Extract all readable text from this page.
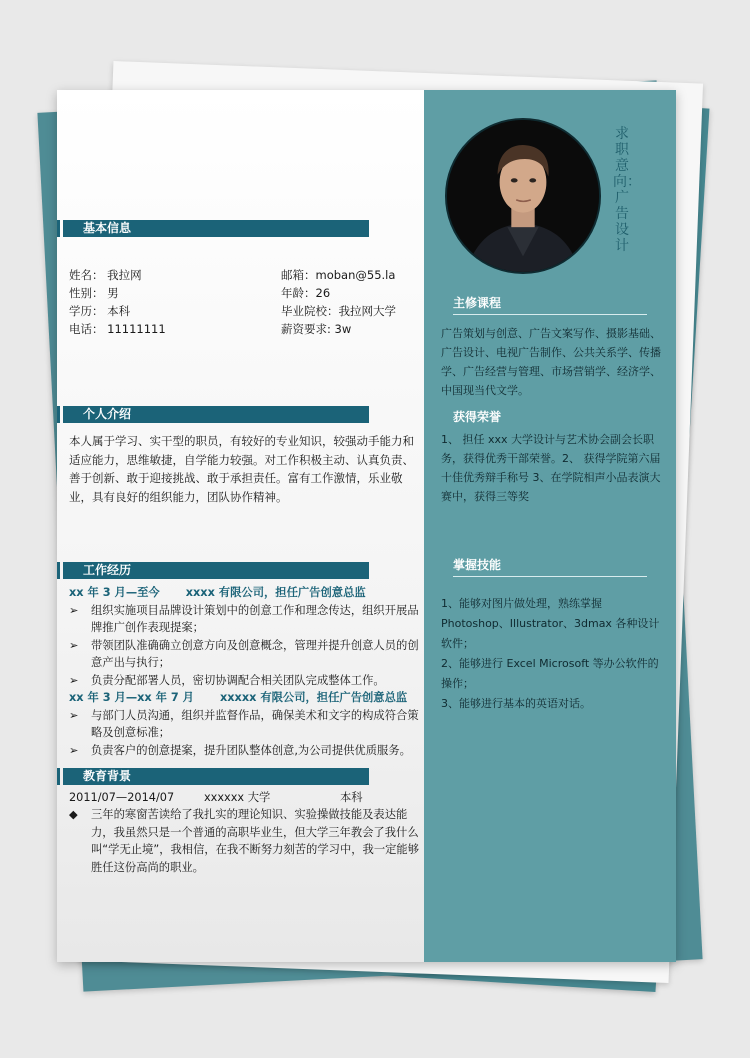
求职意向：广告设计
基本信息
姓名： 我拉网	邮箱：moban@55.la
性别： 男	年龄：26
学历： 本科	毕业院校：我拉网大学
电话： 11111111	薪资要求: 3w
个人介绍
本人属于学习、实干型的职员，有较好的专业知识，较强动手能力和适应能力，思维敏捷，自学能力较强。对工作积极主动、认真负责、善于创新、敢于迎接挑战、敢于承担责任。富有工作激情，乐业敬业，具有良好的组织能力，团队协作精神。
工作经历
xx 年 3 月—至今 xxxx 有限公司，担任广告创意总监
➢	组织实施项目品牌设计策划中的创意工作和理念传达，组织开展品牌推广创作表现提案；
➢	带领团队准确确立创意方向及创意概念，管理并提升创意人员的创意产出与执行；
➢	负责分配部署人员，密切协调配合相关团队完成整体工作。
xx 年 3 月—xx 年 7 月 xxxxx 有限公司，担任广告创意总监
➢	与部门人员沟通，组织并监督作品，确保美术和文字的构成符合策略及创意标准；
➢	负责客户的创意提案，提升团队整体创意,为公司提供优质服务。
教育背景
2011/07—2014/07	xxxxxx 大学	本科
◆	三年的寒窗苦读给了我扎实的理论知识、实验操做技能及表达能力，我虽然只是一个普通的高职毕业生，但大学三年教会了我什么叫“学无止境”，我相信，在我不断努力刻苦的学习中，我一定能够胜任这份高尚的职业。
主修课程
广告策划与创意、广告文案写作、摄影基础、广告设计、电视广告制作、公共关系学、传播学、广告经营与管理、市场营销学、经济学、中国现当代文学。
获得荣誉
1、 担任 xxx 大学设计与艺术协会副会长职务，获得优秀干部荣誉。2、 获得学院第六届十佳优秀辩手称号 3、在学院相声小品表演大赛中，获得三等奖
掌握技能
1、能够对图片做处理，熟练掌握 Photoshop、Illustrator、3dmax 各种设计软件；
2、能够进行 Excel Microsoft 等办公软件的操作；
3、能够进行基本的英语对话。
